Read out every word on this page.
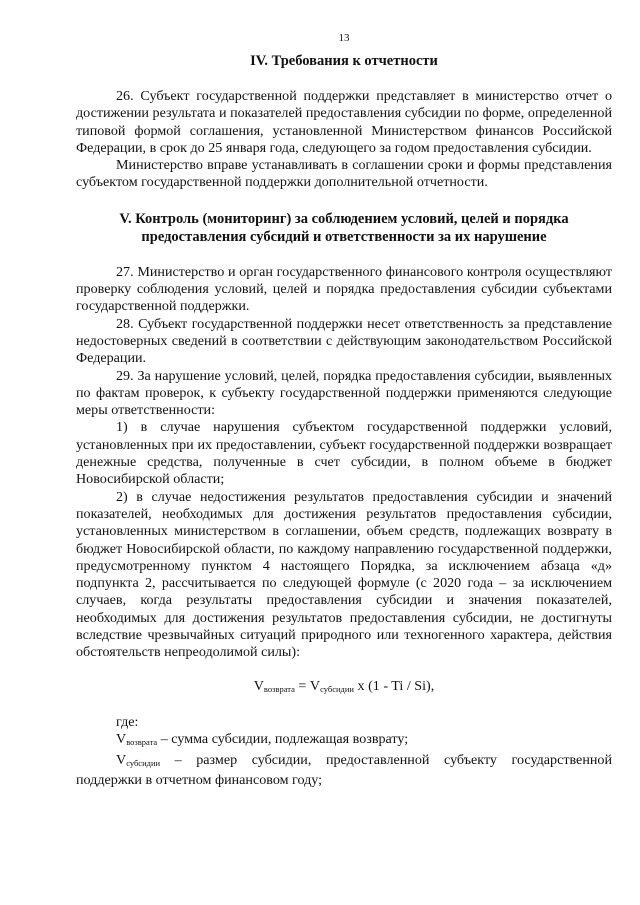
13
IV. Требования к отчетности

26. Субъект государственной поддержки представляет в министерство отчет о достижении результата и показателей предоставления субсидии по форме, определенной типовой формой соглашения, установленной Министерством финансов Российской Федерации, в срок до 25 января года, следующего за годом предоставления субсидии.

Министерство вправе устанавливать в соглашении сроки и формы представления субъектом государственной поддержки дополнительной отчетности.

V. Контроль (мониторинг) за соблюдением условий, целей и порядка предоставления субсидий и ответственности за их нарушение

27. Министерство и орган государственного финансового контроля осуществляют проверку соблюдения условий, целей и порядка предоставления субсидии субъектами государственной поддержки.

28. Субъект государственной поддержки несет ответственность за представление недостоверных сведений в соответствии с действующим законодательством Российской Федерации.

29. За нарушение условий, целей, порядка предоставления субсидии, выявленных по фактам проверок, к субъекту государственной поддержки применяются следующие меры ответственности:

1) в случае нарушения субъектом государственной поддержки условий, установленных при их предоставлении, субъект государственной поддержки возвращает денежные средства, полученные в счет субсидии, в полном объеме в бюджет Новосибирской области;

2) в случае недостижения результатов предоставления субсидии и значений показателей, необходимых для достижения результатов предоставления субсидии, установленных министерством в соглашении, объем средств, подлежащих возврату в бюджет Новосибирской области, по каждому направлению государственной поддержки, предусмотренному пунктом 4 настоящего Порядка, за исключением абзаца «д» подпункта 2, рассчитывается по следующей формуле (с 2020 года – за исключением случаев, когда результаты предоставления субсидии и значения показателей, необходимых для достижения результатов предоставления субсидии, не достигнуты вследствие чрезвычайных ситуаций природного или техногенного характера, действия обстоятельств непреодолимой силы):

$V_{возврата} = V_{субсидии}$ x (1 - Ti / Si),

где:

$V_{возврата}$ – сумма субсидии, подлежащая возврату;

$V_{субсидии}$ – размер субсидии, предоставленной субъекту государственной поддержки в отчетном финансовом году;
